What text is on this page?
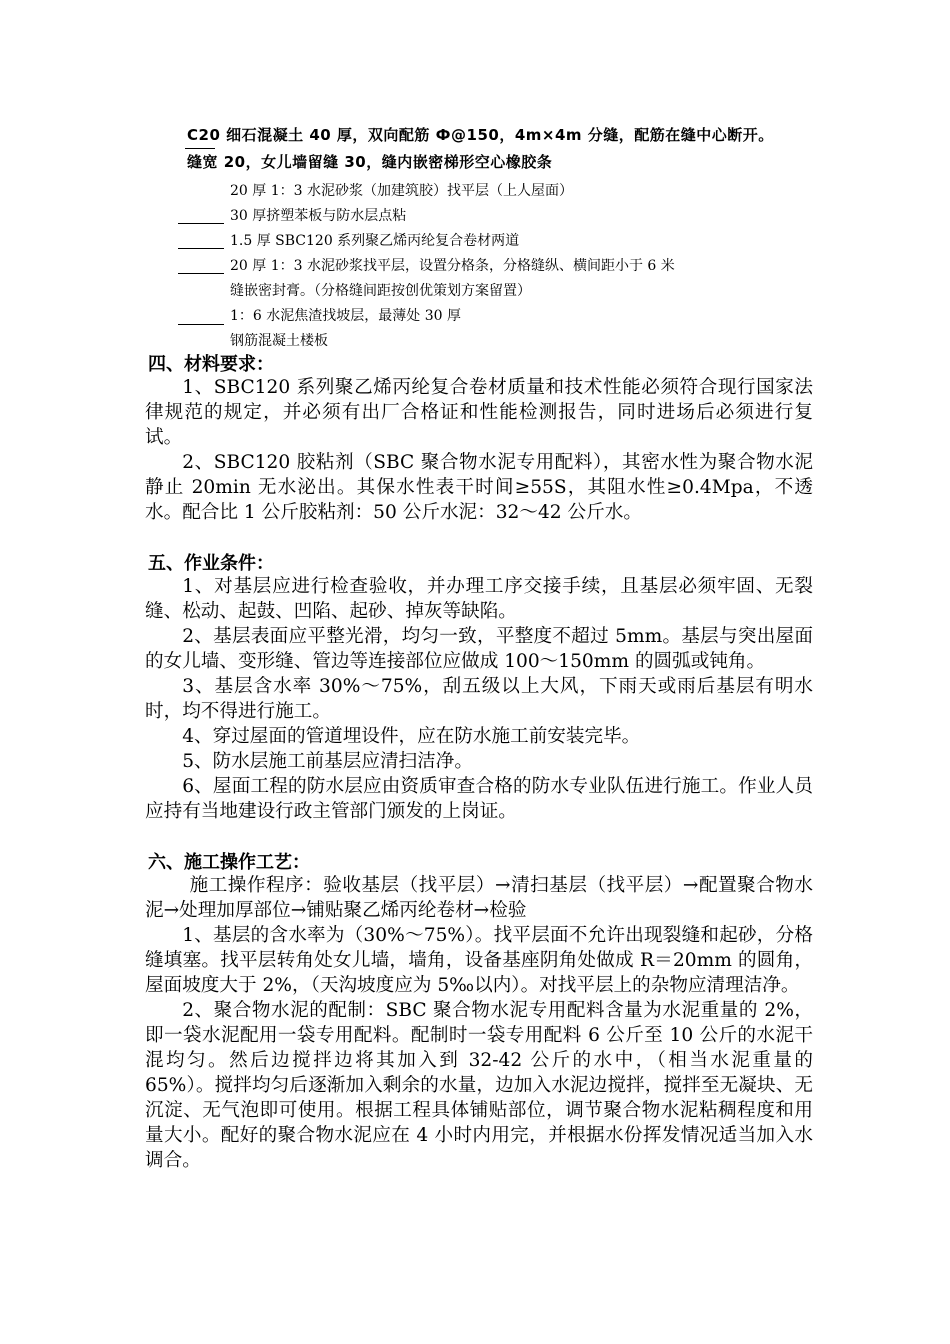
C20 细石混凝土 40 厚，双向配筋 Ф@150，4m×4m 分缝，配筋在缝中心断开。
缝宽 20，女儿墙留缝 30，缝内嵌密梯形空心橡胶条
20 厚 1：3 水泥砂浆（加建筑胶）找平层（上人屋面）
30 厚挤塑苯板与防水层点粘
1.5 厚 SBC120 系列聚乙烯丙纶复合卷材两道
20 厚 1：3 水泥砂浆找平层，设置分格条，分格缝纵、横间距小于 6 米
缝嵌密封膏。（分格缝间距按创优策划方案留置）
1：6 水泥焦渣找坡层，最薄处 30 厚
钢筋混凝土楼板
四、材料要求：

1、SBC120 系列聚乙烯丙纶复合卷材质量和技术性能必须符合现行国家法律规范的规定，并必须有出厂合格证和性能检测报告，同时进场后必须进行复试。

2、SBC120 胶粘剂（SBC 聚合物水泥专用配料），其密水性为聚合物水泥静止 20min 无水泌出。其保水性表干时间≥55S，其阻水性≥0.4Mpa，不透水。配合比 1 公斤胶粘剂：50 公斤水泥：32～42 公斤水。

五、作业条件：

1、对基层应进行检查验收，并办理工序交接手续，且基层必须牢固、无裂缝、松动、起鼓、凹陷、起砂、掉灰等缺陷。

2、基层表面应平整光滑，均匀一致，平整度不超过 5mm。基层与突出屋面的女儿墙、变形缝、管边等连接部位应做成 100～150mm 的圆弧或钝角。

3、基层含水率 30%～75%，刮五级以上大风，下雨天或雨后基层有明水时，均不得进行施工。

4、穿过屋面的管道埋设件，应在防水施工前安装完毕。

5、防水层施工前基层应清扫洁净。

6、屋面工程的防水层应由资质审查合格的防水专业队伍进行施工。作业人员应持有当地建设行政主管部门颁发的上岗证。

六、施工操作工艺：

施工操作程序：验收基层（找平层）→清扫基层（找平层）→配置聚合物水泥→处理加厚部位→铺贴聚乙烯丙纶卷材→检验

1、基层的含水率为（30%～75%）。找平层面不允许出现裂缝和起砂，分格缝填塞。找平层转角处女儿墙，墙角，设备基座阴角处做成 R＝20mm 的圆角，屋面坡度大于 2%，（天沟坡度应为 5‰以内）。对找平层上的杂物应清理洁净。

2、聚合物水泥的配制：SBC 聚合物水泥专用配料含量为水泥重量的 2%，即一袋水泥配用一袋专用配料。配制时一袋专用配料 6 公斤至 10 公斤的水泥干混均匀。然后边搅拌边将其加入到 32-42 公斤的水中，（相当水泥重量的 65%）。搅拌均匀后逐渐加入剩余的水量，边加入水泥边搅拌，搅拌至无凝块、无沉淀、无气泡即可使用。根据工程具体铺贴部位，调节聚合物水泥粘稠程度和用量大小。配好的聚合物水泥应在 4 小时内用完，并根据水份挥发情况适当加入水调合。
